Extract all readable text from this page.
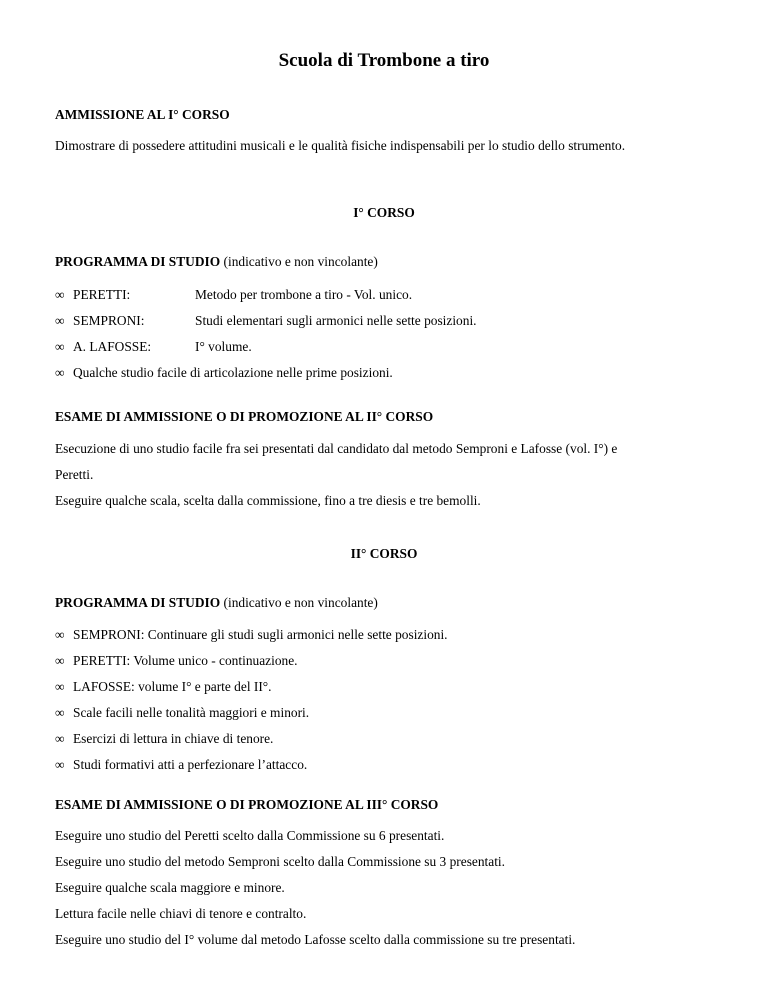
Scuola di Trombone a tiro
AMMISSIONE AL I° CORSO
Dimostrare di possedere attitudini musicali e le qualità fisiche indispensabili per lo studio dello strumento.
I° CORSO
PROGRAMMA DI STUDIO (indicativo e non vincolante)
∞ PERETTI:	Metodo per trombone a tiro - Vol. unico.
∞ SEMPRONI:	Studi elementari sugli armonici nelle sette posizioni.
∞ A. LAFOSSE:	I° volume.
∞ Qualche studio facile di articolazione nelle prime posizioni.
ESAME DI AMMISSIONE O DI PROMOZIONE AL II° CORSO
Esecuzione di uno studio facile fra sei presentati dal candidato dal metodo Semproni e Lafosse (vol. I°) e
Peretti.
Eseguire qualche scala, scelta dalla commissione, fino a tre diesis e tre bemolli.
II° CORSO
PROGRAMMA DI STUDIO (indicativo e non vincolante)
∞ SEMPRONI: Continuare gli studi sugli armonici nelle sette posizioni.
∞ PERETTI: Volume unico - continuazione.
∞ LAFOSSE: volume I° e parte del II°.
∞ Scale facili nelle tonalità maggiori e minori.
∞ Esercizi di lettura in chiave di tenore.
∞ Studi formativi atti a perfezionare l’attacco.
ESAME DI AMMISSIONE O DI PROMOZIONE AL III° CORSO
Eseguire uno studio del Peretti scelto dalla Commissione su 6 presentati.
Eseguire uno studio del metodo Semproni scelto dalla Commissione su 3 presentati.
Eseguire qualche scala maggiore e minore.
Lettura facile nelle chiavi di tenore e contralto.
Eseguire uno studio del I° volume dal metodo Lafosse scelto dalla commissione su tre presentati.
